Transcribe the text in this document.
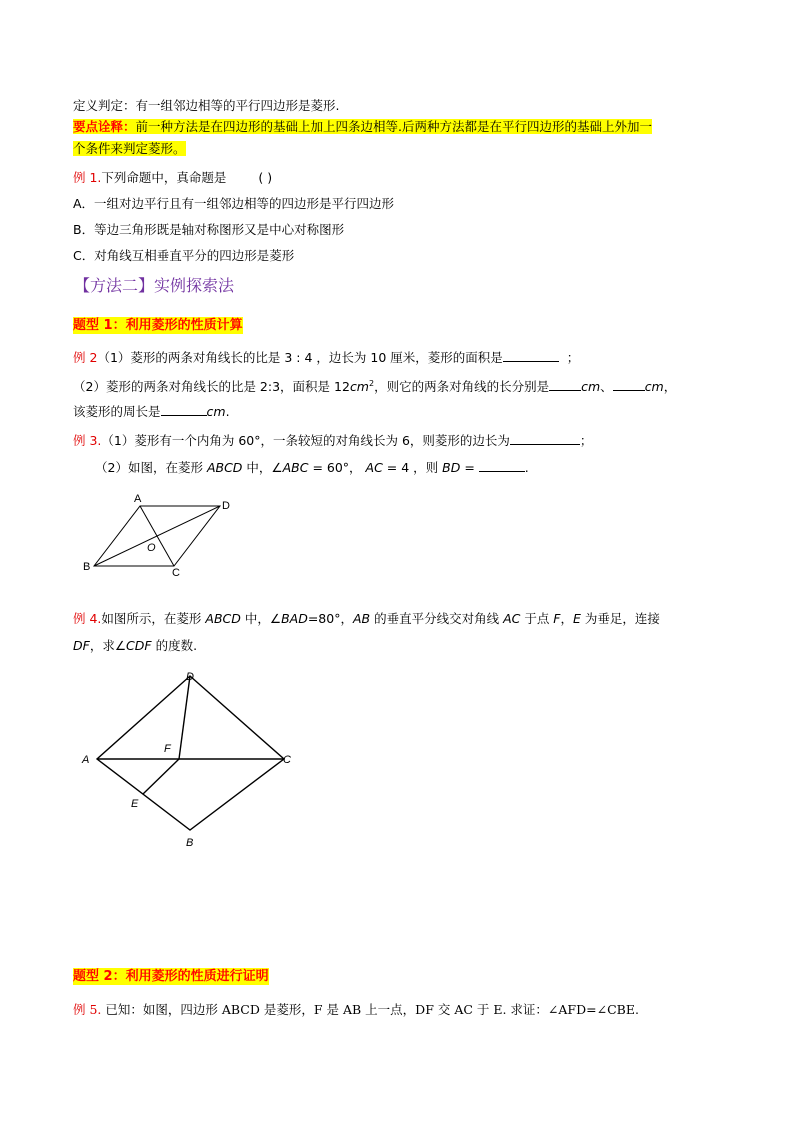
定义判定：有一组邻边相等的平行四边形是菱形.
要点诠释：前一种方法是在四边形的基础上加上四条边相等.后两种方法都是在平行四边形的基础上外加一
个条件来判定菱形。
例 1.下列命题中，真命题是	( )
A．一组对边平行且有一组邻边相等的四边形是平行四边形
B．等边三角形既是轴对称图形又是中心对称图形
C．对角线互相垂直平分的四边形是菱形
【方法二】实例探索法
题型 1：利用菱形的性质计算
例 2（1）菱形的两条对角线长的比是 3 : 4 ，边长为 10 厘米，菱形的面积是	；
（2）菱形的两条对角线长的比是 2:3，面积是 $12cm^2$，则它的两条对角线的长分别是	cm、	cm，
该菱形的周长是	cm.
例 3.（1）菱形有一个内角为 60°，一条较短的对角线长为 6，则菱形的边长为	；
（2）如图，在菱形 ABCD 中，∠ABC = 60°， AC = 4 ，则 BD =	.
A
D
B	C
O
例 4.如图所示，在菱形 ABCD 中，∠BAD=80°，AB 的垂直平分线交对角线 AC 于点 F，E 为垂足，连接
DF，求∠CDF 的度数.
D
A	C
F
E
B
题型 2：利用菱形的性质进行证明
例 5. 已知：如图，四边形 ABCD 是菱形，F 是 AB 上一点，DF 交 AC 于 E. 求证：∠AFD=∠CBE.
